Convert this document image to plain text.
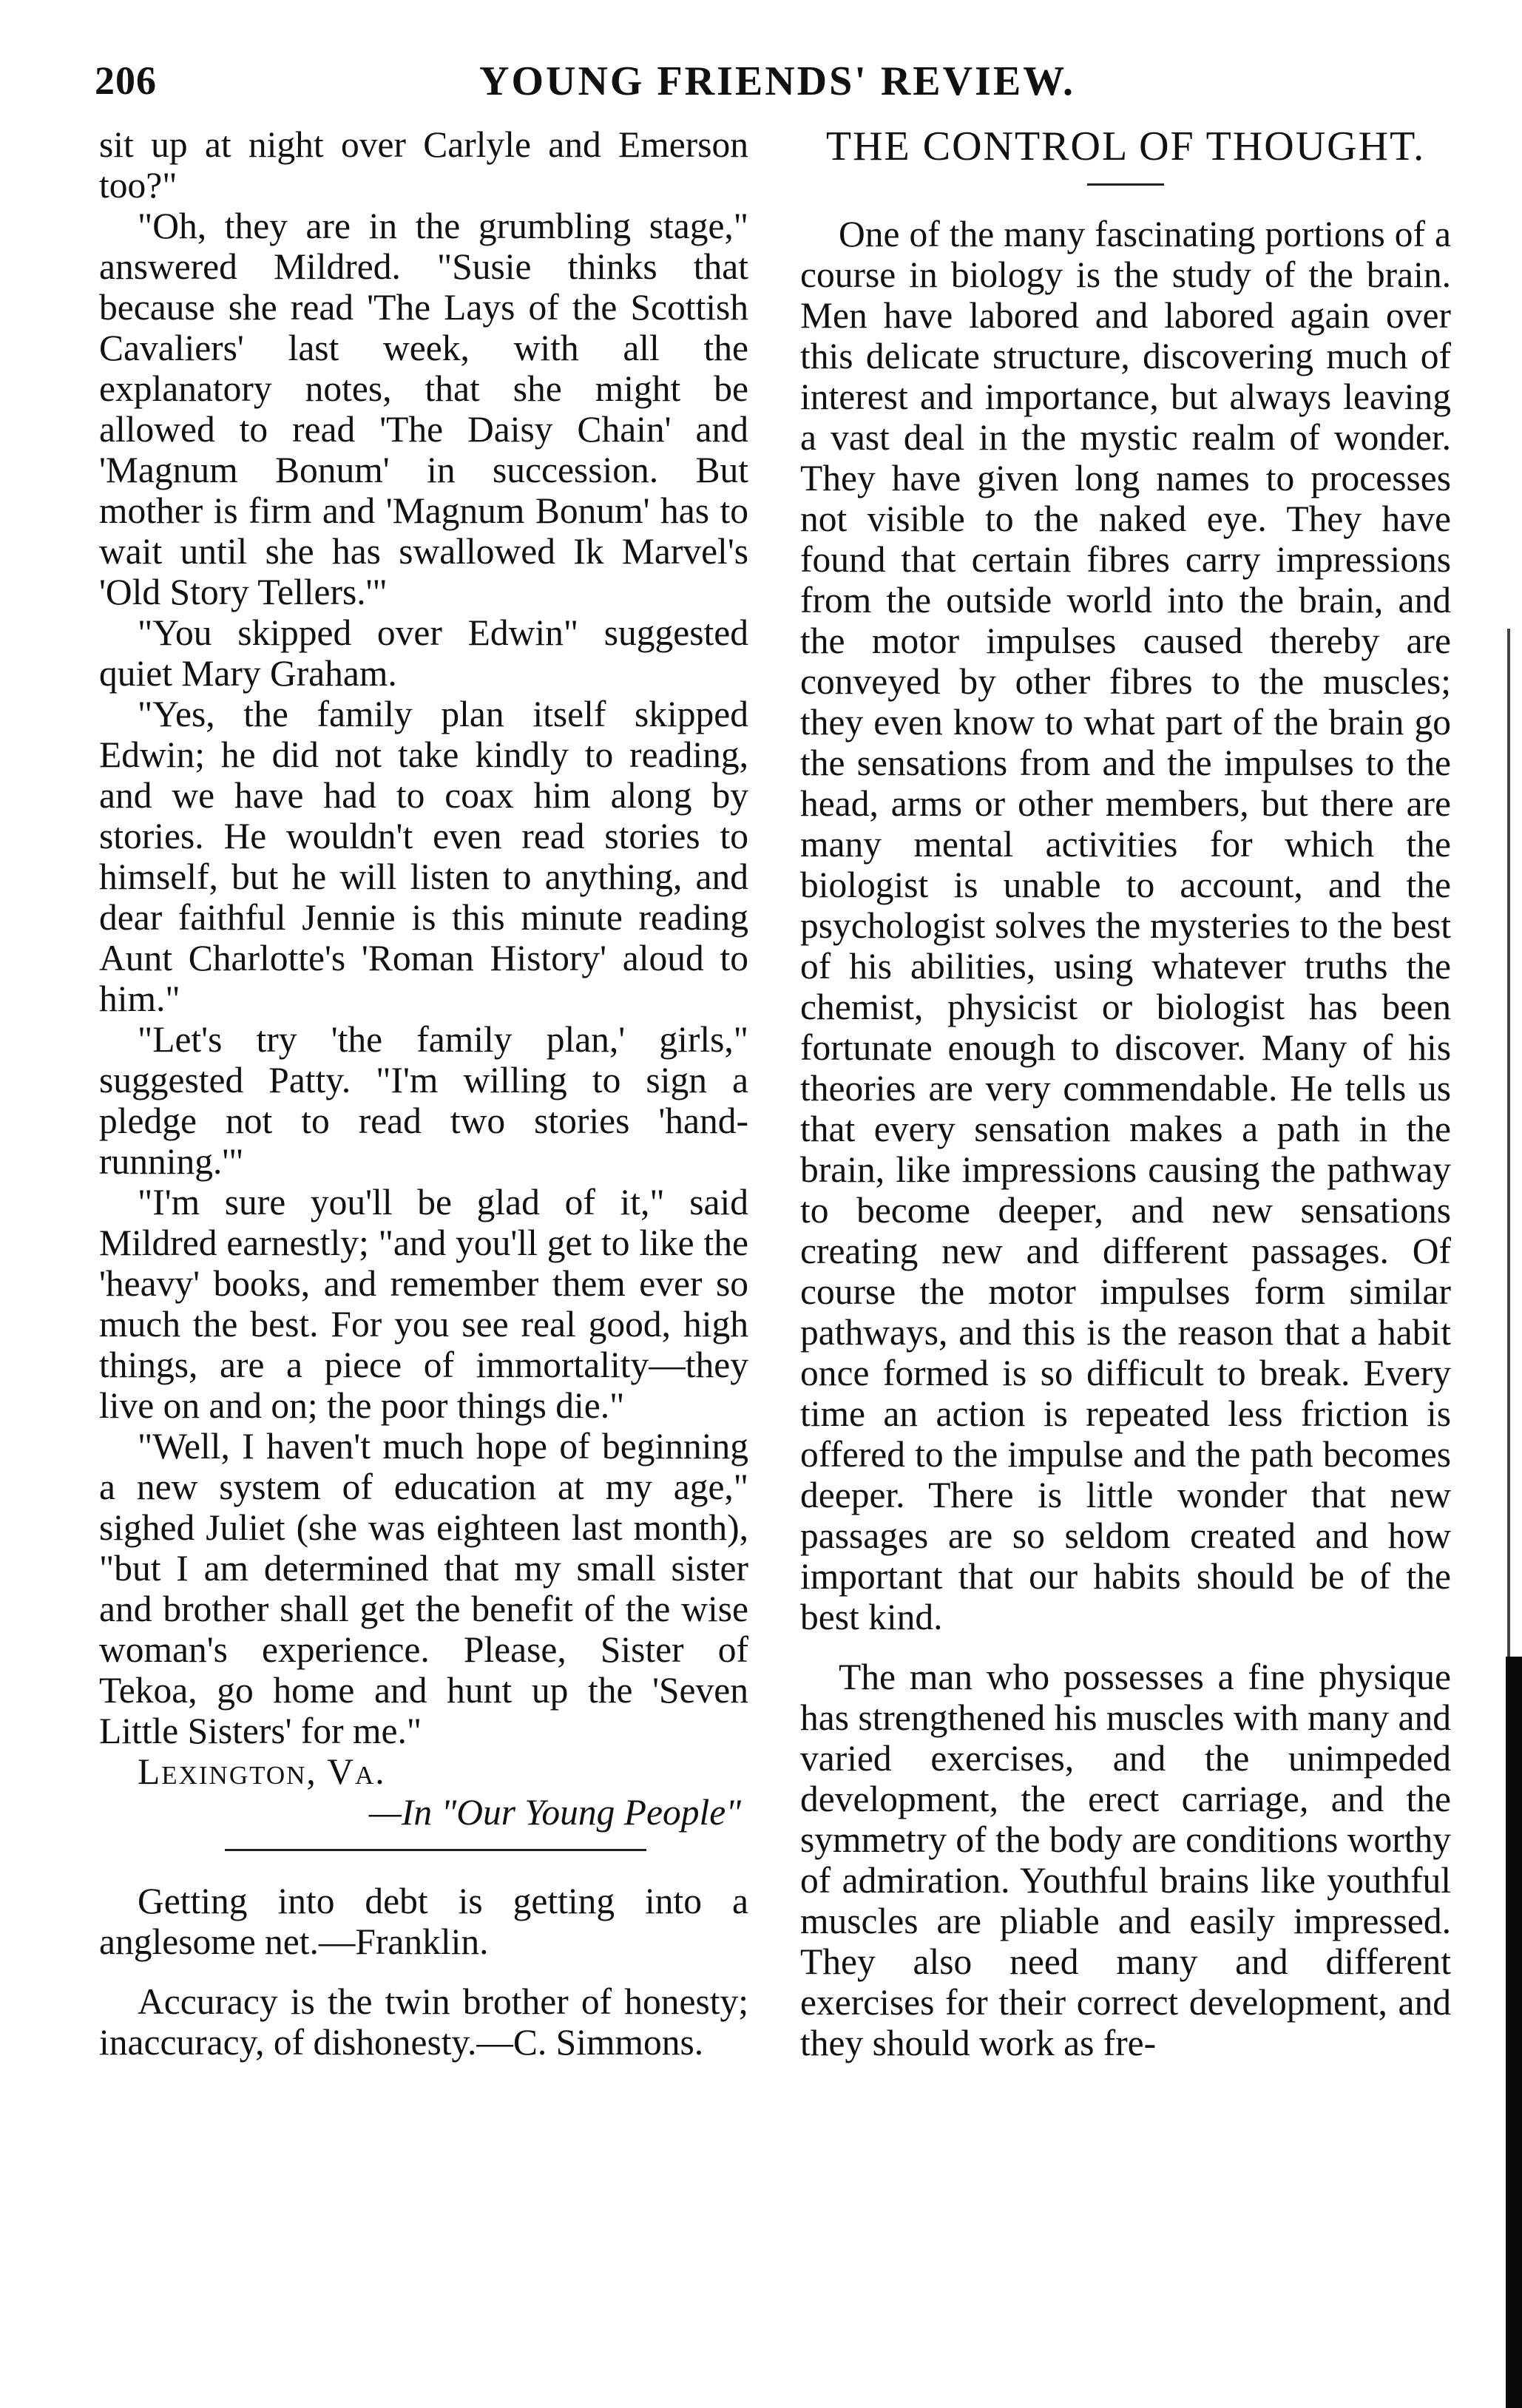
206	YOUNG FRIENDS' REVIEW.

sit up at night over Carlyle and Emerson too?"

"Oh, they are in the grumbling stage," answered Mildred. "Susie thinks that because she read 'The Lays of the Scottish Cavaliers' last week, with all the explanatory notes, that she might be allowed to read 'The Daisy Chain' and 'Magnum Bonum' in succession. But mother is firm and 'Magnum Bonum' has to wait until she has swallowed Ik Marvel's 'Old Story Tellers.'"

"You skipped over Edwin" suggested quiet Mary Graham.

"Yes, the family plan itself skipped Edwin; he did not take kindly to reading, and we have had to coax him along by stories. He wouldn't even read stories to himself, but he will listen to anything, and dear faithful Jennie is this minute reading Aunt Charlotte's 'Roman History' aloud to him."

"Let's try 'the family plan,' girls," suggested Patty. "I'm willing to sign a pledge not to read two stories 'hand-running.'"

"I'm sure you'll be glad of it," said Mildred earnestly; "and you'll get to like the 'heavy' books, and remember them ever so much the best. For you see real good, high things, are a piece of immortality—they live on and on; the poor things die."

"Well, I haven't much hope of beginning a new system of education at my age," sighed Juliet (she was eighteen last month), "but I am determined that my small sister and brother shall get the benefit of the wise woman's experience. Please, Sister of Tekoa, go home and hunt up the 'Seven Little Sisters' for me."

Lexington, Va.

—In "Our Young People"

Getting into debt is getting into a anglesome net.—Franklin.

Accuracy is the twin brother of honesty; inaccuracy, of dishonesty.—C. Simmons.

THE CONTROL OF THOUGHT.

One of the many fascinating portions of a course in biology is the study of the brain. Men have labored and labored again over this delicate structure, discovering much of interest and importance, but always leaving a vast deal in the mystic realm of wonder. They have given long names to processes not visible to the naked eye. They have found that certain fibres carry impressions from the outside world into the brain, and the motor impulses caused thereby are conveyed by other fibres to the muscles; they even know to what part of the brain go the sensations from and the impulses to the head, arms or other members, but there are many mental activities for which the biologist is unable to account, and the psychologist solves the mysteries to the best of his abilities, using whatever truths the chemist, physicist or biologist has been fortunate enough to discover. Many of his theories are very commendable. He tells us that every sensation makes a path in the brain, like impressions causing the pathway to become deeper, and new sensations creating new and different passages. Of course the motor impulses form similar pathways, and this is the reason that a habit once formed is so difficult to break. Every time an action is repeated less friction is offered to the impulse and the path becomes deeper. There is little wonder that new passages are so seldom created and how important that our habits should be of the best kind.

The man who possesses a fine physique has strengthened his muscles with many and varied exercises, and the unimpeded development, the erect carriage, and the symmetry of the body are conditions worthy of admiration. Youthful brains like youthful muscles are pliable and easily impressed. They also need many and different exercises for their correct development, and they should work as fre-
